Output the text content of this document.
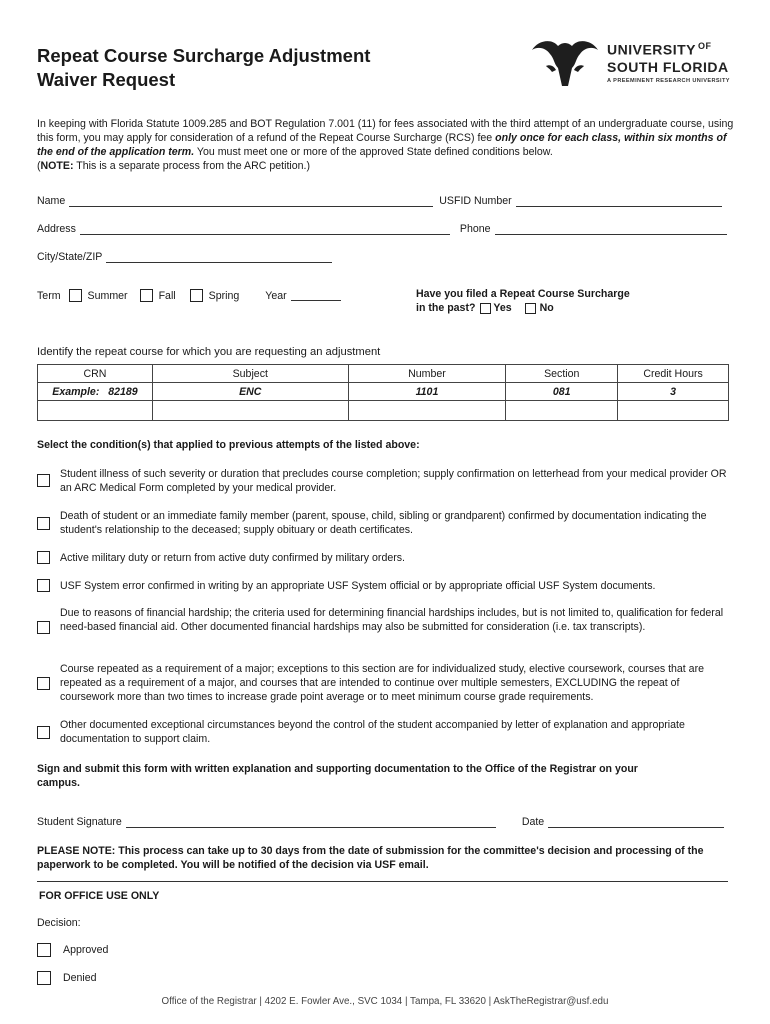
Repeat Course Surcharge Adjustment
Waiver Request
UNIVERSITY $^{OF}$
SOUTH FLORIDA
A PREEMINENT RESEARCH UNIVERSITY

In keeping with Florida Statute 1009.285 and BOT Regulation 7.001 (11) for fees associated with the third attempt of an undergraduate course, using this form, you may apply for consideration of a refund of the Repeat Course Surcharge (RCS) fee only once for each class, within six months of the end of the application term. You must meet one or more of the approved State defined conditions below.
(NOTE: This is a separate process from the ARC petition.)

Name	USFID Number
Address	Phone
City/State/ZIP
Term	Summer	Fall	Spring Year	Have you filed a Repeat Course Surcharge
in the past? Yes	No
Identify the repeat course for which you are requesting an adjustment
CRN	Subject	Number	Section	Credit Hours
Example: 82189	ENC	1101	081	3

Select the condition(s) that applied to previous attempts of the listed above:
Student illness of such severity or duration that precludes course completion; supply confirmation on letterhead from your medical provider OR an ARC Medical Form completed by your medical provider.
Death of student or an immediate family member (parent, spouse, child, sibling or grandparent) confirmed by documentation indicating the student's relationship to the deceased; supply obituary or death certificates.
Active military duty or return from active duty confirmed by military orders.
USF System error confirmed in writing by an appropriate USF System official or by appropriate official USF System documents.
Due to reasons of financial hardship; the criteria used for determining financial hardships includes, but is not limited to, qualification for federal need-based financial aid. Other documented financial hardships may also be submitted for consideration (i.e. tax transcripts).
Course repeated as a requirement of a major; exceptions to this section are for individualized study, elective coursework, courses that are repeated as a requirement of a major, and courses that are intended to continue over multiple semesters, EXCLUDING the repeat of coursework more than two times to increase grade point average or to meet minimum course grade requirements.
Other documented exceptional circumstances beyond the control of the student accompanied by letter of explanation and appropriate documentation to support claim.
Sign and submit this form with written explanation and supporting documentation to the Office of the Registrar on your campus.
Student Signature	Date
PLEASE NOTE: This process can take up to 30 days from the date of submission for the committee's decision and processing of the paperwork to be completed. You will be notified of the decision via USF email.
FOR OFFICE USE ONLY
Decision:
Approved
Denied
Office of the Registrar | 4202 E. Fowler Ave., SVC 1034 | Tampa, FL 33620 | AskTheRegistrar@usf.edu
